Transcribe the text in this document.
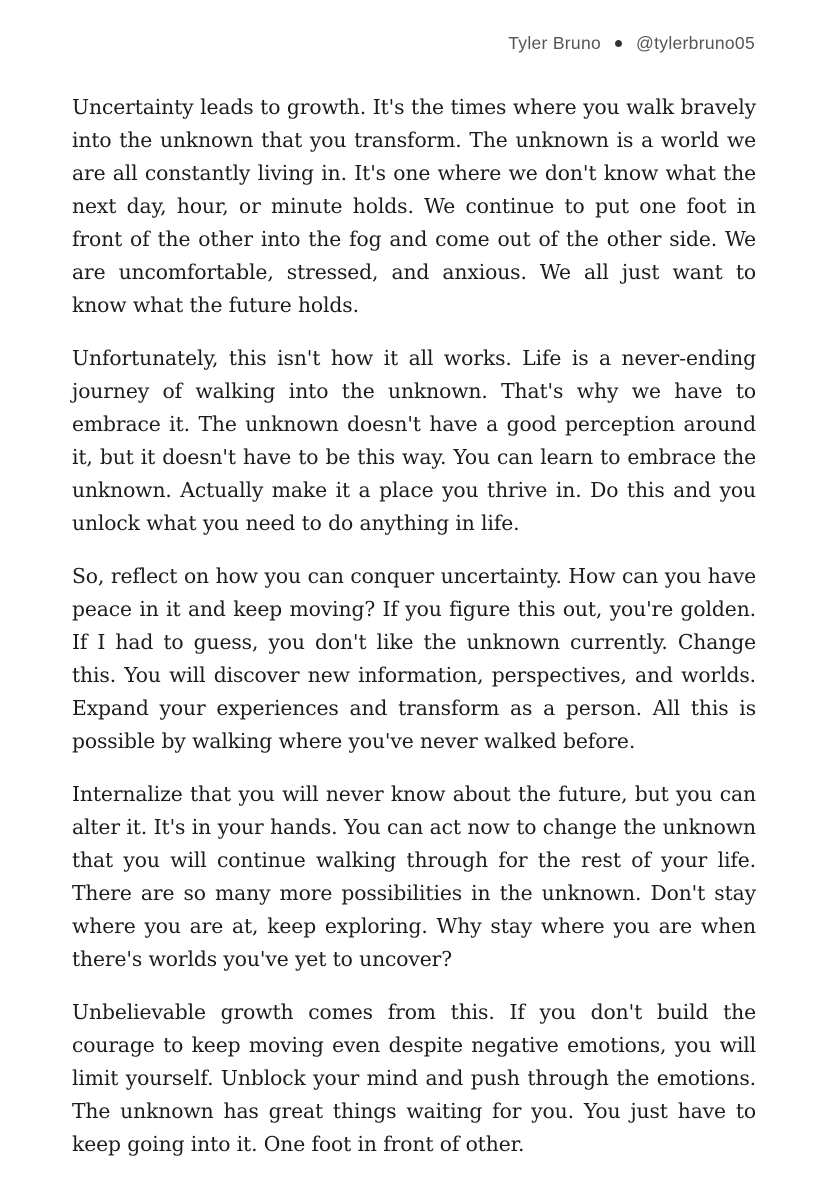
Tyler Bruno @tylerbruno05

Uncertainty leads to growth. It's the times where you walk bravely into the unknown that you transform. The unknown is a world we are all constantly living in. It's one where we don't know what the next day, hour, or minute holds. We continue to put one foot in front of the other into the fog and come out of the other side. We are uncomfortable, stressed, and anxious. We all just want to know what the future holds.

Unfortunately, this isn't how it all works. Life is a never-ending journey of walking into the unknown. That's why we have to embrace it. The unknown doesn't have a good perception around it, but it doesn't have to be this way. You can learn to embrace the unknown. Actually make it a place you thrive in. Do this and you unlock what you need to do anything in life.

So, reflect on how you can conquer uncertainty. How can you have peace in it and keep moving? If you figure this out, you're golden. If I had to guess, you don't like the unknown currently. Change this. You will discover new information, perspectives, and worlds. Expand your experiences and transform as a person. All this is possible by walking where you've never walked before.

Internalize that you will never know about the future, but you can alter it. It's in your hands. You can act now to change the unknown that you will continue walking through for the rest of your life. There are so many more possibilities in the unknown. Don't stay where you are at, keep exploring. Why stay where you are when there's worlds you've yet to uncover?

Unbelievable growth comes from this. If you don't build the courage to keep moving even despite negative emotions, you will limit yourself. Unblock your mind and push through the emotions. The unknown has great things waiting for you. You just have to keep going into it. One foot in front of other.
